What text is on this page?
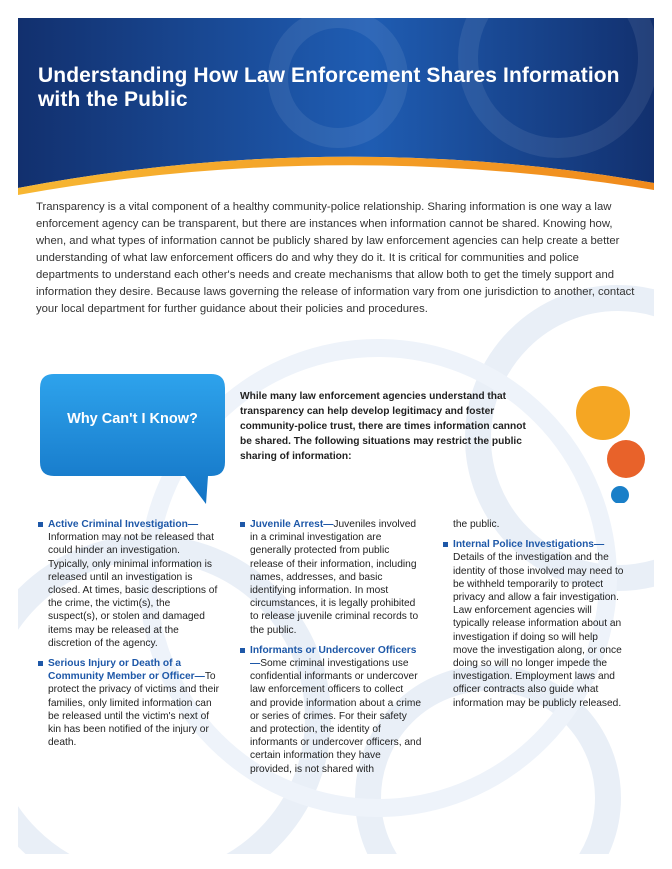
Understanding How Law Enforcement Shares Information with the Public

Transparency is a vital component of a healthy community-police relationship. Sharing information is one way a law enforcement agency can be transparent, but there are instances when information cannot be shared. Knowing how, when, and what types of information cannot be publicly shared by law enforcement agencies can help create a better understanding of what law enforcement officers do and why they do it. It is critical for communities and police departments to understand each other's needs and create mechanisms that allow both to get the timely support and information they desire. Because laws governing the release of information vary from one jurisdiction to another, contact your local department for further guidance about their policies and procedures.

Why Can't I Know?

While many law enforcement agencies understand that transparency can help develop legitimacy and foster community-police trust, there are times information cannot be shared. The following situations may restrict the public sharing of information:

Active Criminal Investigation—Information may not be released that could hinder an investigation. Typically, only minimal information is released until an investigation is closed. At times, basic descriptions of the crime, the victim(s), the suspect(s), or stolen and damaged items may be released at the discretion of the agency.
Serious Injury or Death of a Community Member or Officer—To protect the privacy of victims and their families, only limited information can be released until the victim's next of kin has been notified of the injury or death.
Juvenile Arrest—Juveniles involved in a criminal investigation are generally protected from public release of their information, including names, addresses, and basic identifying information. In most circumstances, it is legally prohibited to release juvenile criminal records to the public.
Informants or Undercover Officers—Some criminal investigations use confidential informants or undercover law enforcement officers to collect and provide information about a crime or series of crimes. For their safety and protection, the identity of informants or undercover officers, and certain information they have provided, is not shared with

the public.

Internal Police Investigations—Details of the investigation and the identity of those involved may need to be withheld temporarily to protect privacy and allow a fair investigation. Law enforcement agencies will typically release information about an investigation if doing so will help move the investigation along, or once doing so will no longer impede the investigation. Employment laws and officer contracts also guide what information may be publicly released.
